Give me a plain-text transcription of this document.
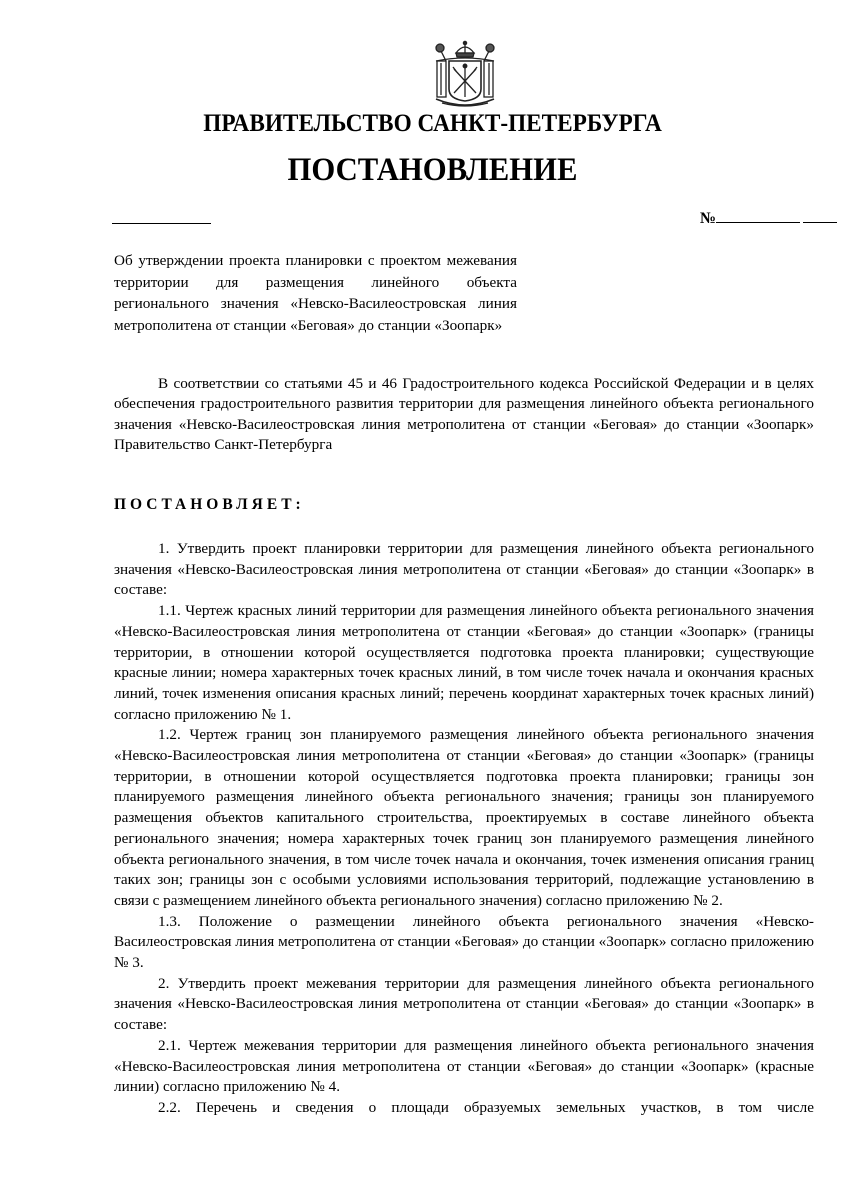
ПРАВИТЕЛЬСТВО САНКТ-ПЕТЕРБУРГА
ПОСТАНОВЛЕНИЕ
№
Об утверждении проекта планировки с проектом межевания территории для размещения линейного объекта регионального значения «Невско-Василеостровская линия метрополитена от станции «Беговая» до станции «Зоопарк»

В соответствии со статьями 45 и 46 Градостроительного кодекса Российской Федерации и в целях обеспечения градостроительного развития территории для размещения линейного объекта регионального значения «Невско-Василеостровская линия метрополитена от станции «Беговая» до станции «Зоопарк» Правительство Санкт-Петербурга

ПОСТАНОВЛЯЕТ:

1. Утвердить проект планировки территории для размещения линейного объекта регионального значения «Невско-Василеостровская линия метрополитена от станции «Беговая» до станции «Зоопарк» в составе:

1.1. Чертеж красных линий территории для размещения линейного объекта регионального значения «Невско-Василеостровская линия метрополитена от станции «Беговая» до станции «Зоопарк» (границы территории, в отношении которой осуществляется подготовка проекта планировки; существующие красные линии; номера характерных точек красных линий, в том числе точек начала и окончания красных линий, точек изменения описания красных линий; перечень координат характерных точек красных линий) согласно приложению № 1.

1.2. Чертеж границ зон планируемого размещения линейного объекта регионального значения «Невско-Василеостровская линия метрополитена от станции «Беговая» до станции «Зоопарк» (границы территории, в отношении которой осуществляется подготовка проекта планировки; границы зон планируемого размещения линейного объекта регионального значения; границы зон планируемого размещения объектов капитального строительства, проектируемых в составе линейного объекта регионального значения; номера характерных точек границ зон планируемого размещения линейного объекта регионального значения, в том числе точек начала и окончания, точек изменения описания границ таких зон; границы зон с особыми условиями использования территорий, подлежащие установлению в связи с размещением линейного объекта регионального значения) согласно приложению № 2.

1.3. Положение о размещении линейного объекта регионального значения «Невско-Василеостровская линия метрополитена от станции «Беговая» до станции «Зоопарк» согласно приложению № 3.

2. Утвердить проект межевания территории для размещения линейного объекта регионального значения «Невско-Василеостровская линия метрополитена от станции «Беговая» до станции «Зоопарк» в составе:

2.1. Чертеж межевания территории для размещения линейного объекта регионального значения «Невско-Василеостровская линия метрополитена от станции «Беговая» до станции «Зоопарк» (красные линии) согласно приложению № 4.

2.2. Перечень и сведения о площади образуемых земельных участков, в том числе
